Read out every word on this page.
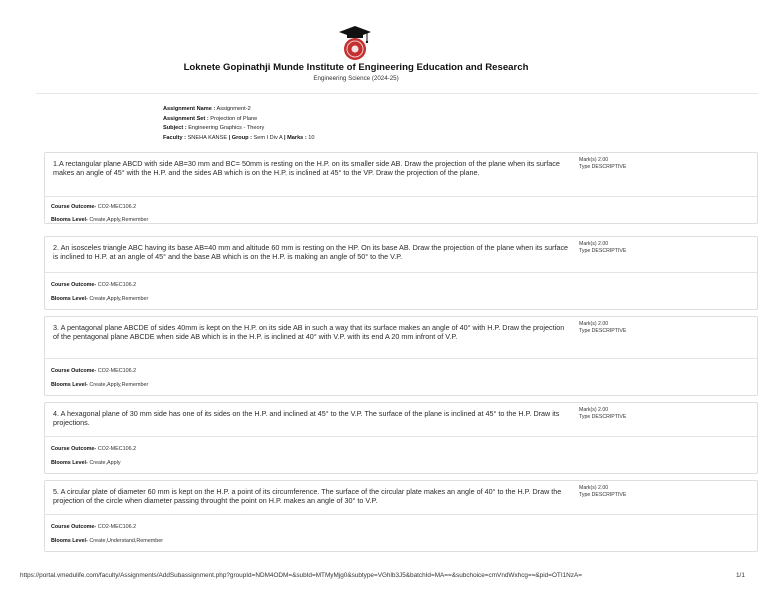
Loknete Gopinathji Munde Institute of Engineering Education and Research
Engineering Science (2024-25)
Assignment Name : Assignment-2
Assignment Set : Projection of Plane
Subject : Engineering Graphics - Theory
Faculty : SNEHA KANSE | Group : Sem I Div A | Marks : 10
1.A rectangular plane ABCD with side AB=30 mm and BC= 50mm is resting on the H.P. on its smaller side AB. Draw the projection of the plane when its surface makes an angle of 45° with the H.P. and the sides AB which is on the H.P. is inclined at 45° to the VP. Draw the projection of the plane.
Mark(s) 2.00
Type DESCRIPTIVE
Course Outcome- CO2-MEC106.2
Blooms Level- Create,Apply,Remember
2. An isosceles triangle ABC having its base AB=40 mm and altitude 60 mm is resting on the HP. On its base AB. Draw the projection of the plane when its surface is inclined to H.P. at an angle of 45° and the base AB which is on the H.P. is making an angle of 50° to the V.P.
Mark(s) 2.00
Type DESCRIPTIVE
Course Outcome- CO2-MEC106.2
Blooms Level- Create,Apply,Remember
3. A pentagonal plane ABCDE of sides 40mm is kept on the H.P. on its side AB in such a way that its surface makes an angle of 40° with H.P. Draw the projection of the pentagonal plane ABCDE when side AB which is in the H.P. is inclined at 40° with V.P. with its end A 20 mm infront of V.P.
Mark(s) 2.00
Type DESCRIPTIVE
Course Outcome- CO2-MEC106.2
Blooms Level- Create,Apply,Remember
4. A hexagonal plane of 30 mm side has one of its sides on the H.P. and inclined at 45° to the V.P. The surface of the plane is inclined at 45° to the H.P. Draw its projections.
Mark(s) 2.00
Type DESCRIPTIVE
Course Outcome- CO2-MEC106.2
Blooms Level- Create,Apply
5. A circular plate of diameter 60 mm is kept on the H.P. a point of its circumference. The surface of the circular plate makes an angle of 40° to the H.P. Draw the projection of the circle when diameter passing throught the point on H.P. makes an angle of 30° to V.P.
Mark(s) 2.00
Type DESCRIPTIVE
Course Outcome- CO2-MEC106.2
Blooms Level- Create,Understand,Remember
https://portal.vmedulife.com/faculty/Assignments/AddSubassignment.php?groupId=NDM4ODM=&subId=MTMyMjg0&subtype=VGhlb3J5&batchId=MA==&subchoice=cmVndWxhcg==&pid=OTI1NzA=	1/1
